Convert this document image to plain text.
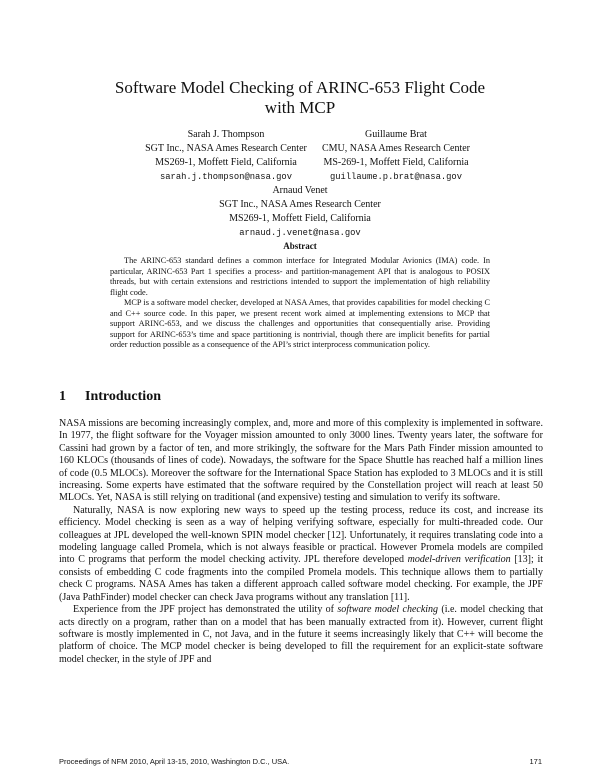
Software Model Checking of ARINC-653 Flight Code
with MCP
Sarah J. Thompson
SGT Inc., NASA Ames Research Center
MS269-1, Moffett Field, California
sarah.j.thompson@nasa.gov
Guillaume Brat
CMU, NASA Ames Research Center
MS-269-1, Moffett Field, California
guillaume.p.brat@nasa.gov
Arnaud Venet
SGT Inc., NASA Ames Research Center
MS269-1, Moffett Field, California
arnaud.j.venet@nasa.gov
Abstract

The ARINC-653 standard defines a common interface for Integrated Modular Avionics (IMA) code. In particular, ARINC-653 Part 1 specifies a process- and partition-management API that is analogous to POSIX threads, but with certain extensions and restrictions intended to support the implementation of high reliability flight code.

MCP is a software model checker, developed at NASA Ames, that provides capabilities for model checking C and C++ source code. In this paper, we present recent work aimed at implementing extensions to MCP that support ARINC-653, and we discuss the challenges and opportunities that consequentially arise. Providing support for ARINC-653’s time and space partitioning is nontrivial, though there are implicit benefits for partial order reduction possible as a consequence of the API’s strict interprocess communication policy.

1 Introduction

NASA missions are becoming increasingly complex, and, more and more of this complexity is implemented in software. In 1977, the flight software for the Voyager mission amounted to only 3000 lines. Twenty years later, the software for Cassini had grown by a factor of ten, and more strikingly, the software for the Mars Path Finder mission amounted to 160 KLOCs (thousands of lines of code). Nowadays, the software for the Space Shuttle has reached half a million lines of code (0.5 MLOCs). Moreover the software for the International Space Station has exploded to 3 MLOCs and it is still increasing. Some experts have estimated that the software required by the Constellation project will reach at least 50 MLOCs. Yet, NASA is still relying on traditional (and expensive) testing and simulation to verify its software.

Naturally, NASA is now exploring new ways to speed up the testing process, reduce its cost, and increase its efficiency. Model checking is seen as a way of helping verifying software, especially for multi-threaded code. Our colleagues at JPL developed the well-known SPIN model checker [12]. Unfortunately, it requires translating code into a modeling language called Promela, which is not always feasible or practical. However Promela models are compiled into C programs that perform the model checking activity. JPL therefore developed model-driven verification [13]; it consists of embedding C code fragments into the compiled Promela models. This technique allows them to partially check C programs. NASA Ames has taken a different approach called software model checking. For example, the JPF (Java PathFinder) model checker can check Java programs without any translation [11].

Experience from the JPF project has demonstrated the utility of software model checking (i.e. model checking that acts directly on a program, rather than on a model that has been manually extracted from it). However, current flight software is mostly implemented in C, not Java, and in the future it seems increasingly likely that C++ will become the platform of choice. The MCP model checker is being developed to fill the requirement for an explicit-state software model checker, in the style of JPF and

Proceedings of NFM 2010, April 13-15, 2010, Washington D.C., USA.	171
